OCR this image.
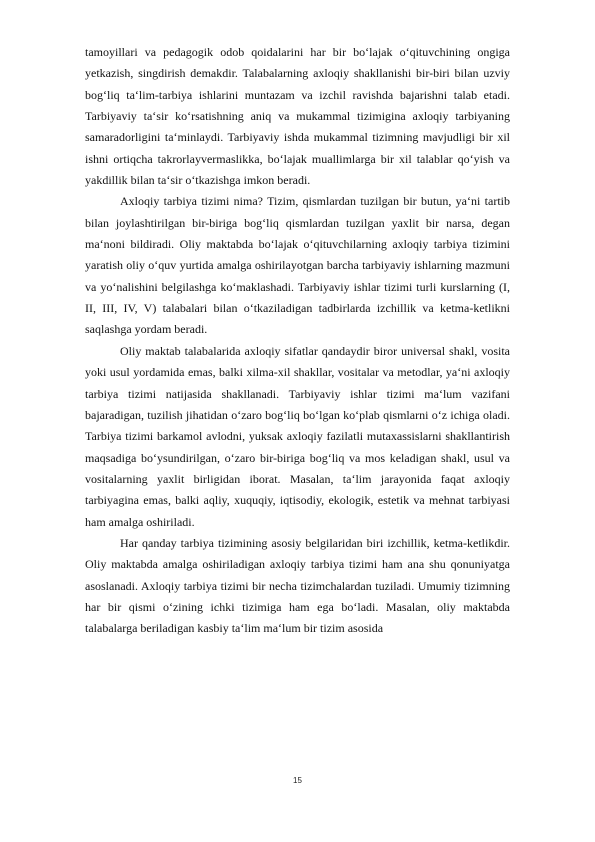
tamoyillari va pedagogik odob qoidalarini har bir bo‘lajak o‘qituvchining ongiga yetkazish, singdirish demakdir. Talabalarning axloqiy shakllanishi bir-biri bilan uzviy bog‘liq ta‘lim-tarbiya ishlarini muntazam va izchil ravishda bajarishni talab etadi. Tarbiyaviy ta‘sir ko‘rsatishning aniq va mukammal tizimigina axloqiy tarbiyaning samaradorligini ta‘minlaydi. Tarbiyaviy ishda mukammal tizimning mavjudligi bir xil ishni ortiqcha takrorlayvermaslikka, bo‘lajak muallimlarga bir xil talablar qo‘yish va yakdillik bilan ta‘sir o‘tkazishga imkon beradi.

Axloqiy tarbiya tizimi nima? Tizim, qismlardan tuzilgan bir butun, ya‘ni tartib bilan joylashtirilgan bir-biriga bog‘liq qismlardan tuzilgan yaxlit bir narsa, degan ma‘noni bildiradi. Oliy maktabda bo‘lajak o‘qituvchilarning axloqiy tarbiya tizimini yaratish oliy o‘quv yurtida amalga oshirilayotgan barcha tarbiyaviy ishlarning mazmuni va yo‘nalishini belgilashga ko‘maklashadi. Tarbiyaviy ishlar tizimi turli kurslarning (I, II, III, IV, V) talabalari bilan o‘tkaziladigan tadbirlarda izchillik va ketma-ketlikni saqlashga yordam beradi.

Oliy maktab talabalarida axloqiy sifatlar qandaydir biror universal shakl, vosita yoki usul yordamida emas, balki xilma-xil shakllar, vositalar va metodlar, ya‘ni axloqiy tarbiya tizimi natijasida shakllanadi. Tarbiyaviy ishlar tizimi ma‘lum vazifani bajaradigan, tuzilish jihatidan o‘zaro bog‘liq bo‘lgan ko‘plab qismlarni o‘z ichiga oladi. Tarbiya tizimi barkamol avlodni, yuksak axloqiy fazilatli mutaxassislarni shakllantirish maqsadiga bo‘ysundirilgan, o‘zaro bir-biriga bog‘liq va mos keladigan shakl, usul va vositalarning yaxlit birligidan iborat. Masalan, ta‘lim jarayonida faqat axloqiy tarbiyagina emas, balki aqliy, xuquqiy, iqtisodiy, ekologik, estetik va mehnat tarbiyasi ham amalga oshiriladi.

Har qanday tarbiya tizimining asosiy belgilaridan biri izchillik, ketma-ketlikdir. Oliy maktabda amalga oshiriladigan axloqiy tarbiya tizimi ham ana shu qonuniyatga asoslanadi. Axloqiy tarbiya tizimi bir necha tizimchalardan tuziladi. Umumiy tizimning har bir qismi o‘zining ichki tizimiga ham ega bo‘ladi. Masalan, oliy maktabda talabalarga beriladigan kasbiy ta‘lim ma‘lum bir tizim asosida

15
